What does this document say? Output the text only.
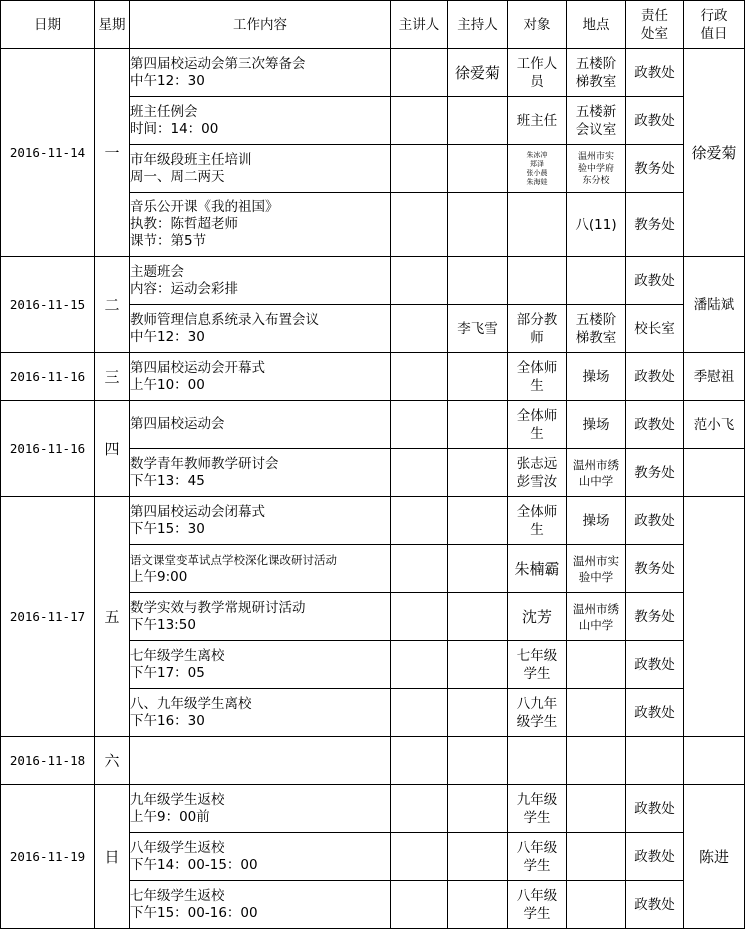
日期	星期	工作内容	主讲人	主持人	对象	地点	责任
处室	行政
值日
2016-11-14	一	第四届校运动会第三次筹备会
中午12：30		徐爱菊	工作人
员	五楼阶
梯教室	政教处	徐爱菊

		班主任例会
时间：14：00			班主任	五楼新
会议室	政教处	

		市年级段班主任培训
周一、周二两天			朱冰冲
郑泽
张小晨
朱海娃	温州市实
验中学府
东分校	教务处	

		音乐公开课《我的祖国》
执教：陈哲超老师
课节：第5节				八(11)	教务处	
2016-11-15	二	主题班会
内容：运动会彩排					政教处	潘陆斌

		教师管理信息系统录入布置会议
中午12：30		李飞雪	部分教
师	五楼阶
梯教室	校长室	
2016-11-16	三	第四届校运动会开幕式
上午10：00			全体师
生	操场	政教处	季慰祖
2016-11-16	四	第四届校运动会			全体师
生	操场	政教处	范小飞

		数学青年教师教学研讨会
下午13：45			张志远
彭雪汝	温州市绣
山中学	教务处	
2016-11-17	五	第四届校运动会闭幕式
下午15：30			全体师
生	操场	政教处	

		语文课堂变革试点学校深化课改研讨活动
上午9:00			朱楠霸	温州市实
验中学	教务处	

		数学实效与教学常规研讨活动
下午13:50			沈芳	温州市绣
山中学	教务处	

		七年级学生离校
下午17：05			七年级
学生		政教处	

		八、九年级学生离校
下午16：30			八九年
级学生		政教处	
2016-11-18	六							
2016-11-19	日	九年级学生返校
上午9：00前			九年级
学生		政教处	陈进

		八年级学生返校
下午14：00-15：00			八年级
学生		政教处	

		七年级学生返校
下午15：00-16：00			八年级
学生		政教处	
